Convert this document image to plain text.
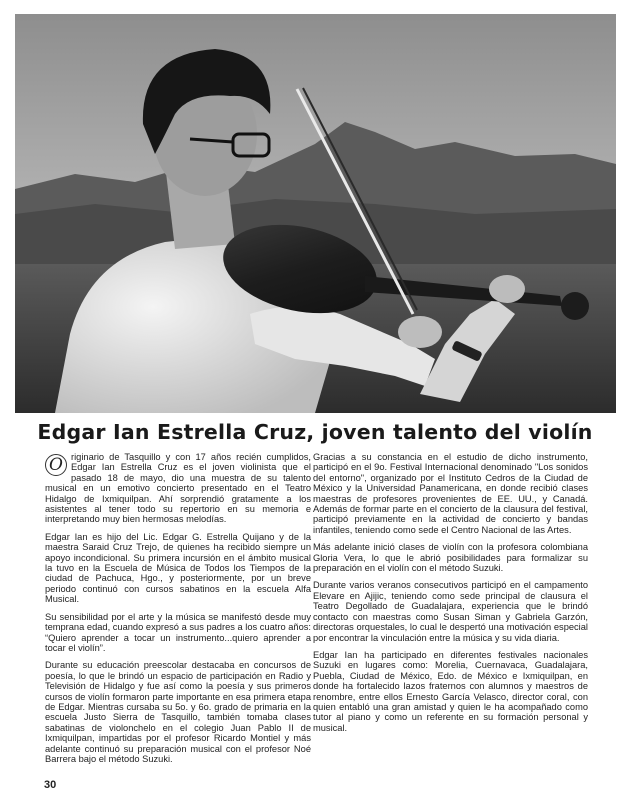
Edgar Ian Estrella Cruz, joven talento del violín

O riginario de Tasquillo y con 17 años recién cumplidos, Edgar Ian Estrella Cruz es el joven violinista que el pasado 18 de mayo, dio una muestra de su talento musical en un emotivo concierto presentado en el Teatro Hidalgo de Ixmiquilpan. Ahí sorprendió gratamente a los asistentes al tener todo su repertorio en su memoria e interpretando muy bien hermosas melodías.

Edgar Ian es hijo del Lic. Edgar G. Estrella Quijano y de la maestra Saraid Cruz Trejo, de quienes ha recibido siempre un apoyo incondicional. Su primera incursión en el ámbito musical la tuvo en la Escuela de Música de Todos los Tiempos de la ciudad de Pachuca, Hgo., y posteriormente, por un breve periodo continuó con cursos sabatinos en la escuela Alfa Musical.

Su sensibilidad por el arte y la música se manifestó desde muy temprana edad, cuando expresó a sus padres a los cuatro años: “Quiero aprender a tocar un instrumento...quiero aprender a tocar el violín”.

Durante su educación preescolar destacaba en concursos de poesía, lo que le brindó un espacio de participación en Radio y Televisión de Hidalgo y fue así como la poesía y sus primeros cursos de violín formaron parte importante en esa primera etapa de Edgar. Mientras cursaba su 5o. y 6o. grado de primaria en la escuela Justo Sierra de Tasquillo, también tomaba clases sabatinas de violonchelo en el colegio Juan Pablo II de Ixmiquilpan, impartidas por el profesor Ricardo Montiel y más adelante continuó su preparación musical con el profesor Noé Barrera bajo el método Suzuki.

Gracias a su constancia en el estudio de dicho instrumento, participó en el 9o. Festival Internacional denominado "Los sonidos del entorno", organizado por el Instituto Cedros de la Ciudad de México y la Universidad Panamericana, en donde recibió clases maestras de profesores provenientes de EE. UU., y Canadá. Además de formar parte en el concierto de la clausura del festival, participó previamente en la actividad de concierto y bandas infantiles, teniendo como sede el Centro Nacional de las Artes.

Más adelante inició clases de violín con la profesora colombiana Gloria Vera, lo que le abrió posibilidades para formalizar su preparación en el violín con el método Suzuki.

Durante varios veranos consecutivos participó en el campamento Elevare en Ajijic, teniendo como sede principal de clausura el Teatro Degollado de Guadalajara, experiencia que le brindó contacto con maestras como Susan Siman y Gabriela Garzón, directoras orquestales, lo cual le despertó una motivación especial por encontrar la vinculación entre la música y su vida diaria.

Edgar Ian ha participado en diferentes festivales nacionales Suzuki en lugares como: Morelia, Cuernavaca, Guadalajara, Puebla, Ciudad de México, Edo. de México e Ixmiquilpan, en donde ha fortalecido lazos fraternos con alumnos y maestros de renombre, entre ellos Ernesto García Velasco, director coral, con quien entabló una gran amistad y quien le ha acompañado como tutor al piano y como un referente en su formación personal y musical.

30
